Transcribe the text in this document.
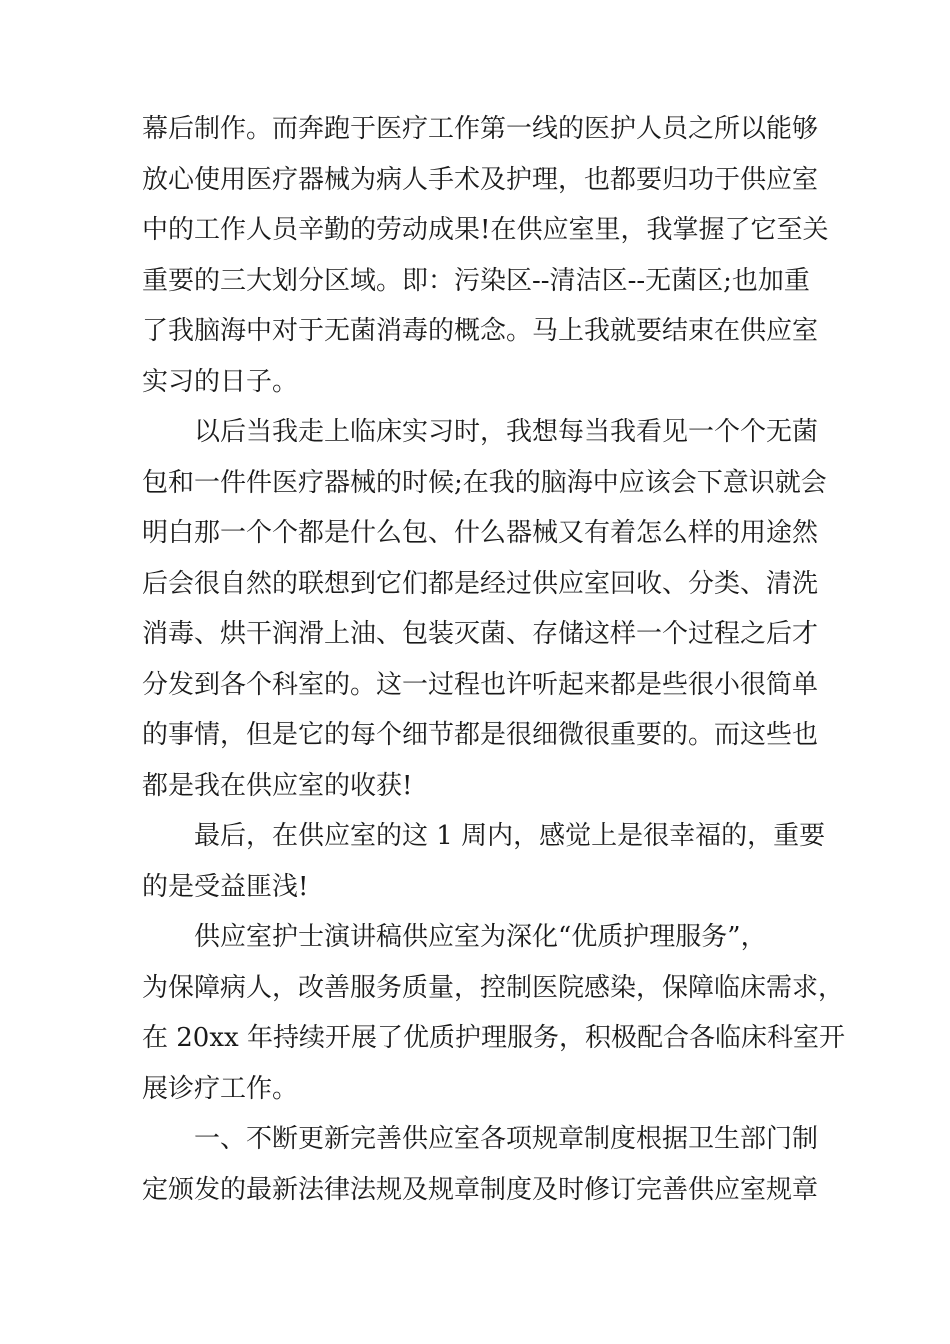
幕后制作。而奔跑于医疗工作第一线的医护人员之所以能够
放心使用医疗器械为病人手术及护理，也都要归功于供应室
中的工作人员辛勤的劳动成果!在供应室里，我掌握了它至关
重要的三大划分区域。即：污染区--清洁区--无菌区;也加重
了我脑海中对于无菌消毒的概念。马上我就要结束在供应室
实习的日子。
　　以后当我走上临床实习时，我想每当我看见一个个无菌
包和一件件医疗器械的时候;在我的脑海中应该会下意识就会
明白那一个个都是什么包、什么器械又有着怎么样的用途然
后会很自然的联想到它们都是经过供应室回收、分类、清洗
消毒、烘干润滑上油、包装灭菌、存储这样一个过程之后才
分发到各个科室的。这一过程也许听起来都是些很小很简单
的事情，但是它的每个细节都是很细微很重要的。而这些也
都是我在供应室的收获!
　　最后，在供应室的这 1 周内，感觉上是很幸福的，重要
的是受益匪浅!
　　供应室护士演讲稿供应室为深化“优质护理服务”，
为保障病人，改善服务质量，控制医院感染，保障临床需求，
在 20xx 年持续开展了优质护理服务，积极配合各临床科室开
展诊疗工作。
　　一、不断更新完善供应室各项规章制度根据卫生部门制
定颁发的最新法律法规及规章制度及时修订完善供应室规章
